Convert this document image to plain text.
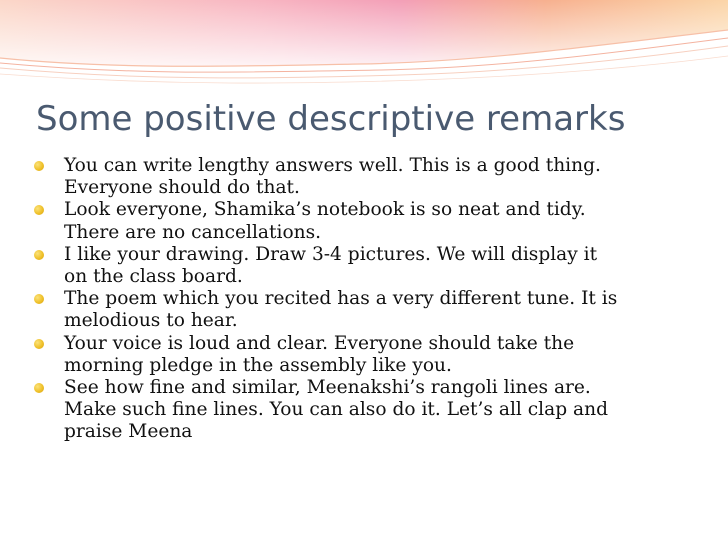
Some positive descriptive remarks
You can write lengthy answers well. This is a good thing.
Everyone should do that.
Look everyone, Shamika’s notebook is so neat and tidy.
There are no cancellations.
I like your drawing. Draw 3-4 pictures. We will display it
on the class board.
The poem which you recited has a very different tune. It is
melodious to hear.
Your voice is loud and clear. Everyone should take the
morning pledge in the assembly like you.
See how fine and similar, Meenakshi’s rangoli lines are.
Make such fine lines. You can also do it. Let’s all clap and
praise Meena
